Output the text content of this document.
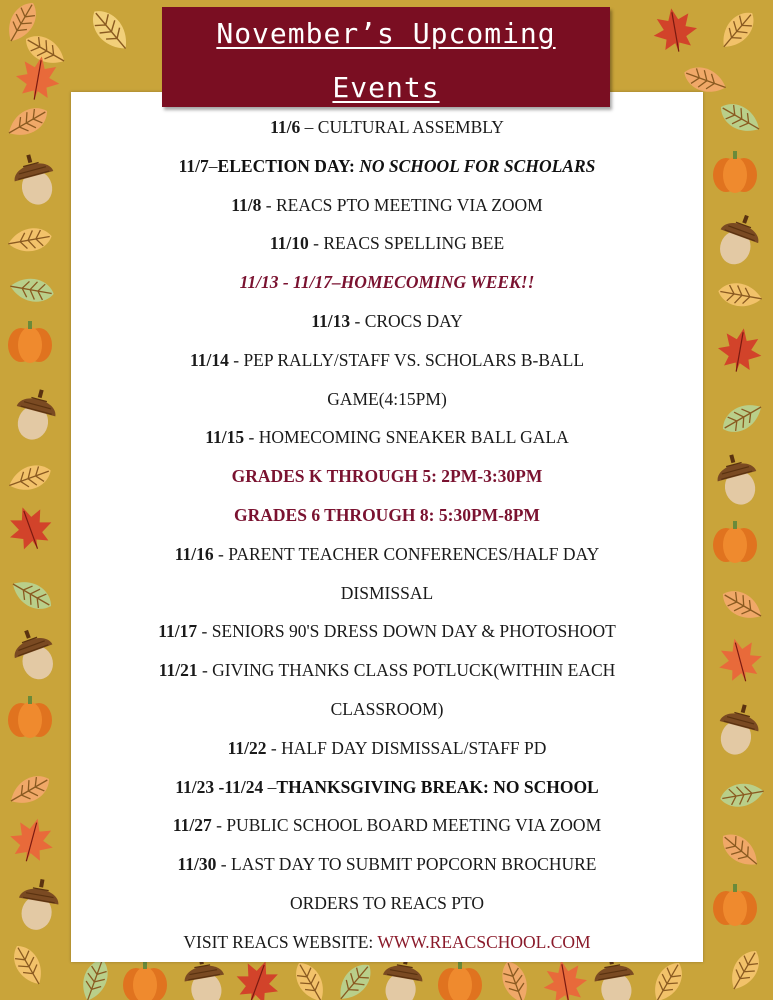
November’s Upcoming
Events
11/6 – CULTURAL ASSEMBLY
11/7–ELECTION DAY: NO SCHOOL FOR SCHOLARS
11/8 - REACS PTO MEETING VIA ZOOM
11/10 - REACS SPELLING BEE
11/13 - 11/17–HOMECOMING WEEK!!
11/13 - CROCS DAY
11/14 - PEP RALLY/STAFF VS. SCHOLARS B-BALL
GAME(4:15PM)
11/15 - HOMECOMING SNEAKER BALL GALA
GRADES K THROUGH 5: 2PM-3:30PM
GRADES 6 THROUGH 8: 5:30PM-8PM
11/16 - PARENT TEACHER CONFERENCES/HALF DAY
DISMISSAL
11/17 - SENIORS 90'S DRESS DOWN DAY & PHOTOSHOOT
11/21 - GIVING THANKS CLASS POTLUCK(WITHIN EACH
CLASSROOM)
11/22 - HALF DAY DISMISSAL/STAFF PD
11/23 -11/24 –THANKSGIVING BREAK: NO SCHOOL
11/27 - PUBLIC SCHOOL BOARD MEETING VIA ZOOM
11/30 - LAST DAY TO SUBMIT POPCORN BROCHURE
ORDERS TO REACS PTO
VISIT REACS WEBSITE: WWW.REACSCHOOL.COM
